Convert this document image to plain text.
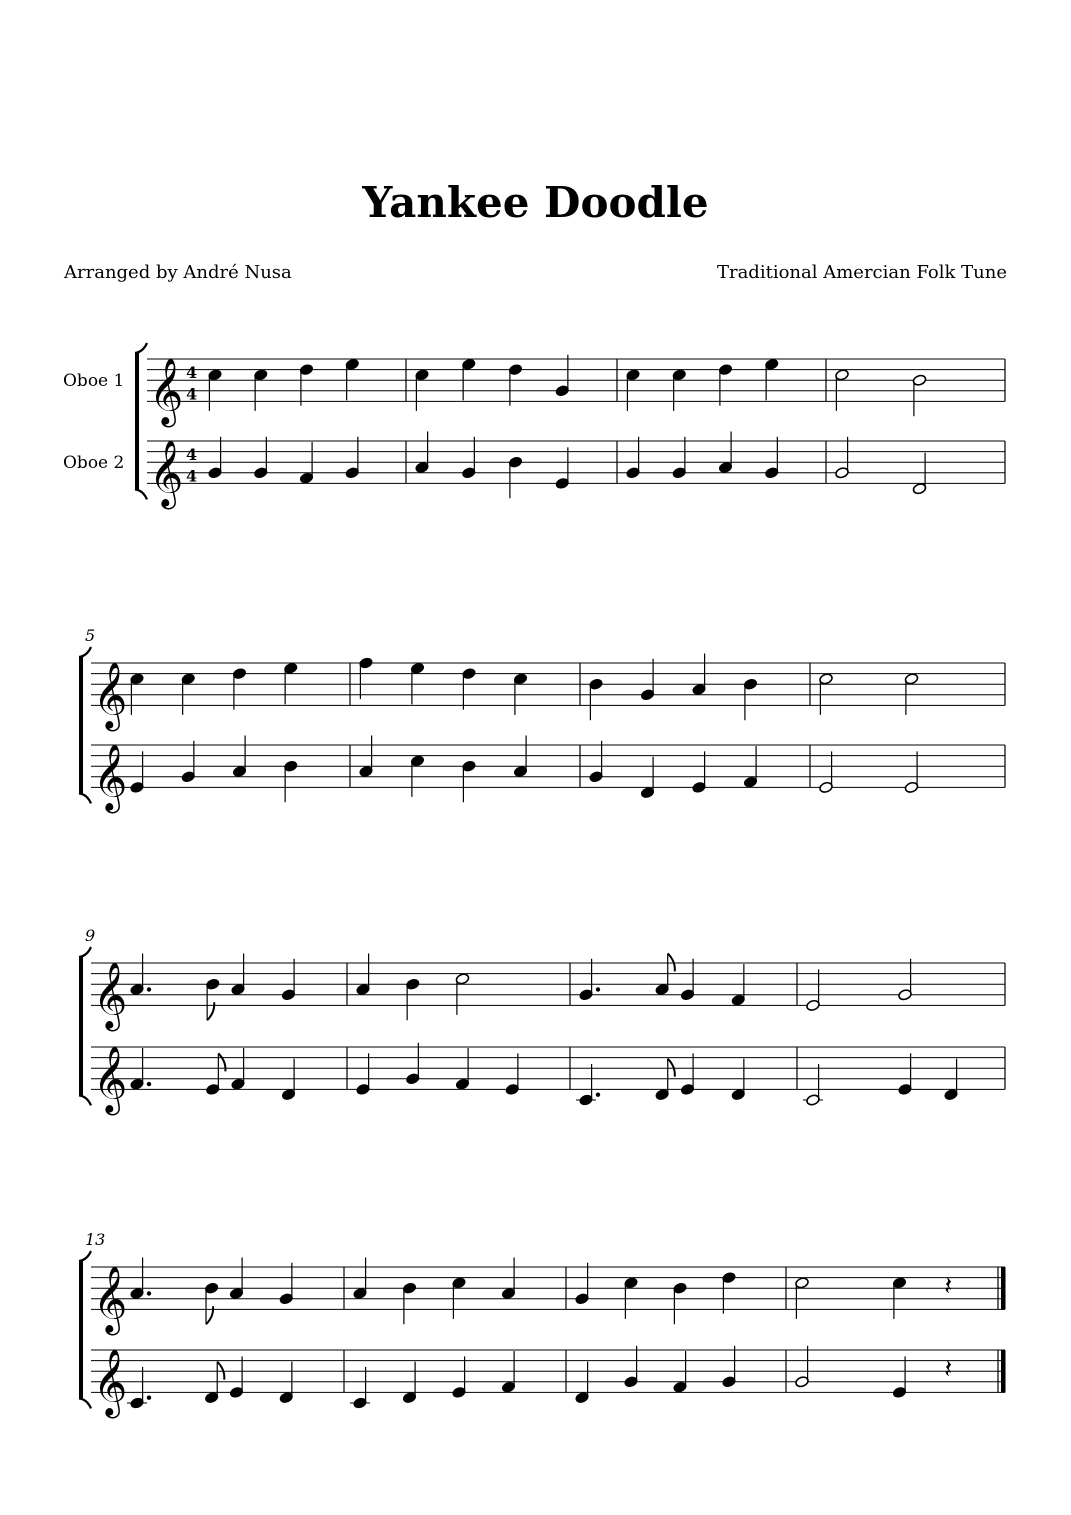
Yankee Doodle
Arranged by André Nusa	Traditional Amercian Folk Tune
𝄞
𝄞
4
4
4
4
Oboe 1
Oboe 2
𝄞
𝄞
5
𝄞
𝄞
9
𝄞
𝄞
13
𝄽
𝄽
